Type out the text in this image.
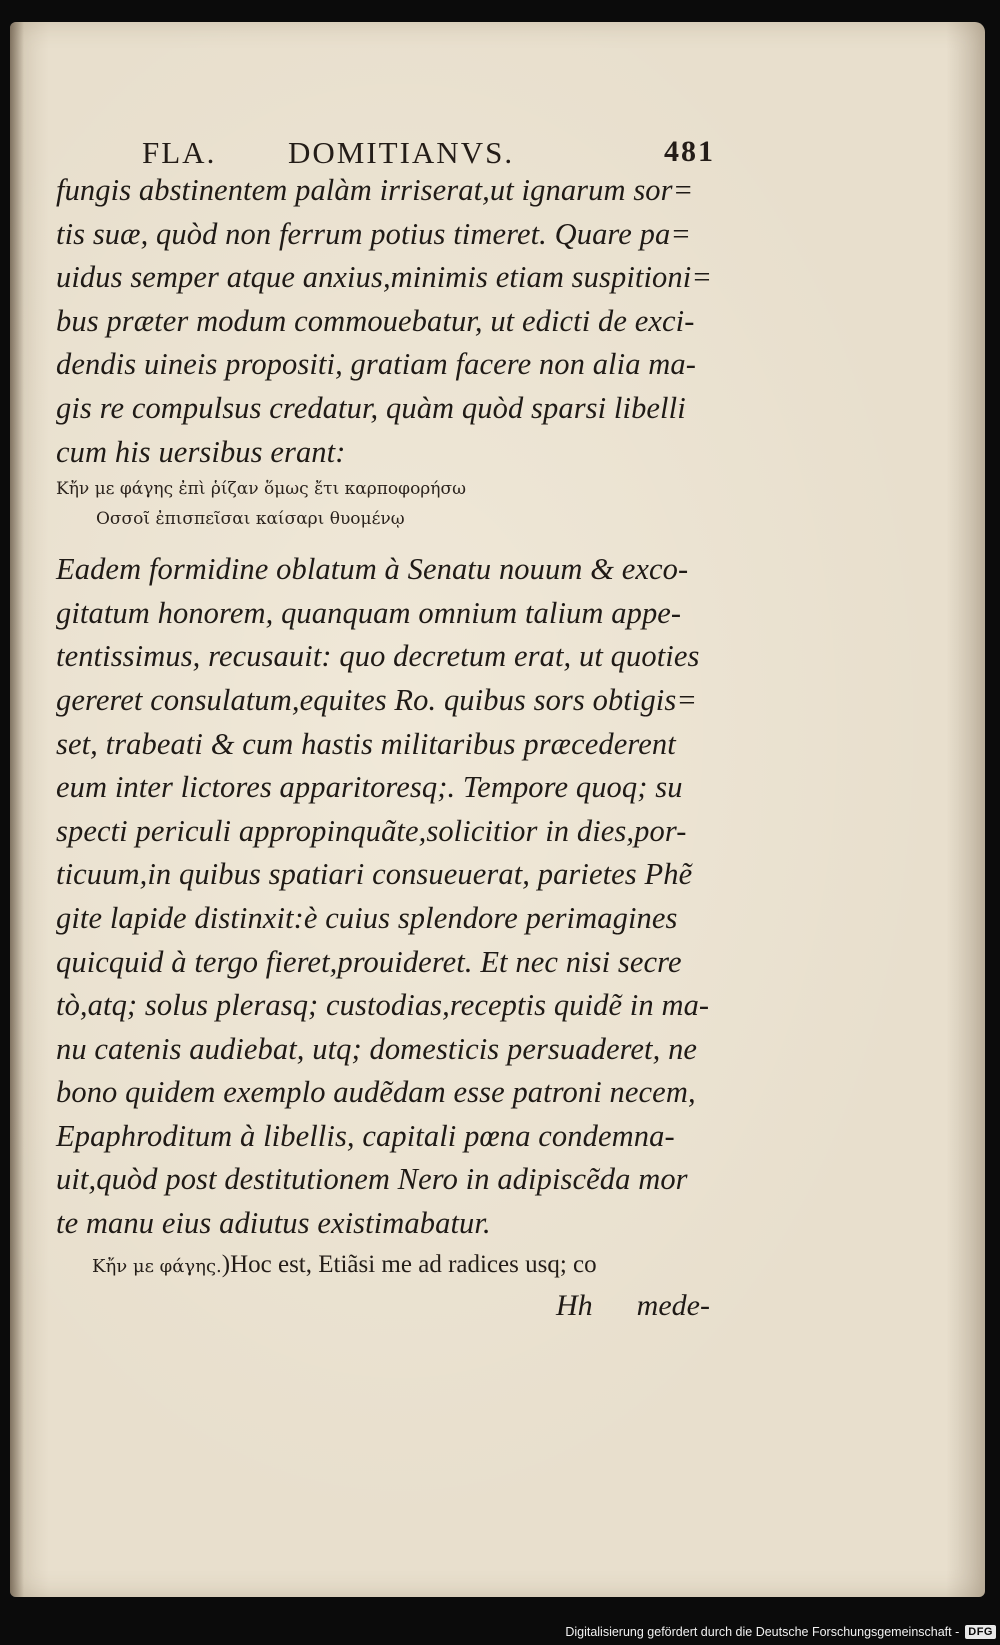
FLA. DOMITIANVS.	481
fungis abstinentem palàm irriserat,ut ignarum sor=
tis suæ, quòd non ferrum potius timeret. Quare pa=
uidus semper atque anxius,minimis etiam suspitioni=
bus præter modum commouebatur, ut edicti de exci-
dendis uineis propositi, gratiam facere non alia ma-
gis re compulsus credatur, quàm quòd sparsi libelli
cum his uersibus erant:
Κἤν με φάγης ἐπὶ ῥίζαν ὅμως ἔτι καρποφορήσω
Οσσοῖ ἐπισπεῖσαι καίσαρι θυομένῳ
Eadem formidine oblatum à Senatu nouum & exco-
gitatum honorem, quanquam omnium talium appe-
tentissimus, recusauit: quo decretum erat, ut quoties
gereret consulatum,equites Ro. quibus sors obtigis=
set, trabeati & cum hastis militaribus præcederent
eum inter lictores apparitoresq;. Tempore quoq; su
specti periculi appropinquãte,solicitior in dies,por-
ticuum,in quibus spatiari consueuerat, parietes Phẽ
gite lapide distinxit:è cuius splendore perimagines
quicquid à tergo fieret,prouideret. Et nec nisi secre
tò,atq; solus plerasq; custodias,receptis quidẽ in ma-
nu catenis audiebat, utq; domesticis persuaderet, ne
bono quidem exemplo audẽdam esse patroni necem,
Epaphroditum à libellis, capitali pœna condemna-
uit,quòd post destitutionem Nero in adipiscẽda mor
te manu eius adiutus existimabatur.
Κἤν με φάγης.)Hoc est, Etiãsi me ad radices usq; co
Hh mede-
Digitalisierung gefördert durch die Deutsche Forschungsgemeinschaft - DFG
